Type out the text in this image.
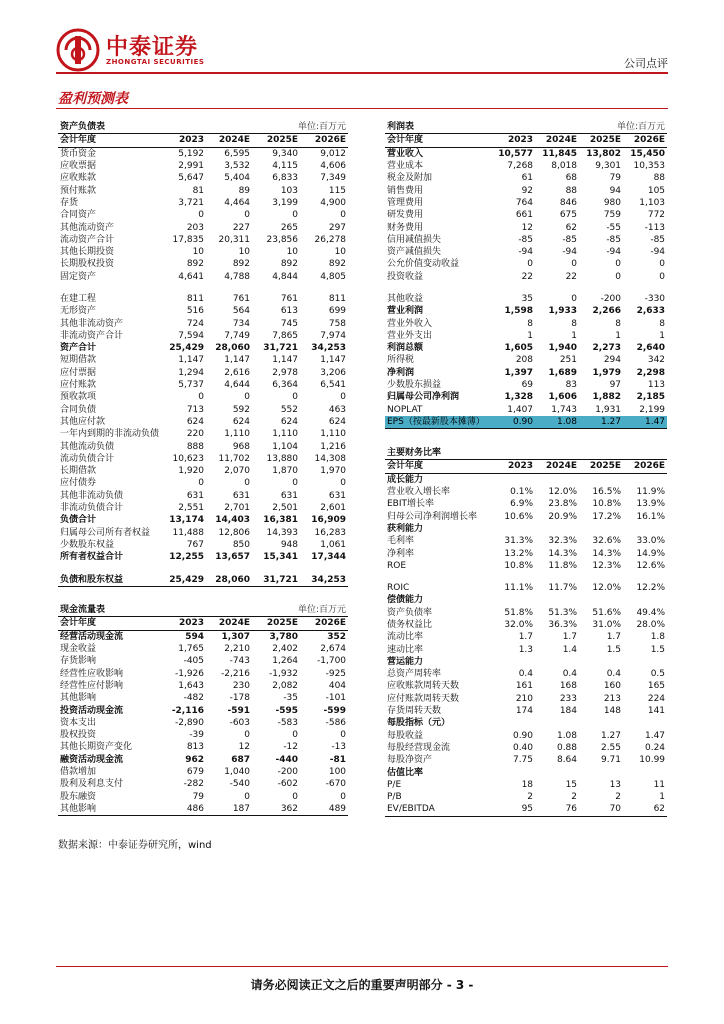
中泰证券
ZHONGTAI SECURITIES	公司点评
盈利预测表
资产负债表		单位:百万元		
会计年度	2023	2024E	2025E	2026E
货币资金	5,192	6,595	9,340	9,012
应收票据	2,991	3,532	4,115	4,606
应收账款	5,647	5,404	6,833	7,349
预付账款	81	89	103	115
存货	3,721	4,464	3,199	4,900
合同资产	0	0	0	0
其他流动资产	203	227	265	297
流动资产合计	17,835	20,311	23,856	26,278
其他长期投资	10	10	10	10
长期股权投资	892	892	892	892
固定资产	4,641	4,788	4,844	4,805

在建工程	811	761	761	811
无形资产	516	564	613	699
其他非流动资产	724	734	745	758
非流动资产合计	7,594	7,749	7,865	7,974
资产合计	25,429	28,060	31,721	34,253
短期借款	1,147	1,147	1,147	1,147
应付票据	1,294	2,616	2,978	3,206
应付账款	5,737	4,644	6,364	6,541
预收款项	0	0	0	0
合同负债	713	592	552	463
其他应付款	624	624	624	624
一年内到期的非流动负债	220	1,110	1,110	1,110
其他流动负债	888	968	1,104	1,216
流动负债合计	10,623	11,702	13,880	14,308
长期借款	1,920	2,070	1,870	1,970
应付债券	0	0	0	0
其他非流动负债	631	631	631	631
非流动负债合计	2,551	2,701	2,501	2,601
负债合计	13,174	14,403	16,381	16,909
归属母公司所有者权益	11,488	12,806	14,393	16,283
少数股东权益	767	850	948	1,061
所有者权益合计	12,255	13,657	15,341	17,344

负债和股东权益	25,429	28,060	31,721	34,253
利润表		单位:百万元		
会计年度	2023	2024E	2025E	2026E
营业收入	10,577	11,845	13,802	15,450
营业成本	7,268	8,018	9,301	10,353
税金及附加	61	68	79	88
销售费用	92	88	94	105
管理费用	764	846	980	1,103
研发费用	661	675	759	772
财务费用	12	62	-55	-113
信用减值损失	-85	-85	-85	-85
资产减值损失	-94	-94	-94	-94
公允价值变动收益	0	0	0	0
投资收益	22	22	0	0

其他收益	35	0	-200	-330
营业利润	1,598	1,933	2,266	2,633
营业外收入	8	8	8	8
营业外支出	1	1	1	1
利润总额	1,605	1,940	2,273	2,640
所得税	208	251	294	342
净利润	1,397	1,689	1,979	2,298
少数股东损益	69	83	97	113
归属母公司净利润	1,328	1,606	1,882	2,185
NOPLAT	1,407	1,743	1,931	2,199
EPS（按最新股本摊薄）	0.90	1.08	1.27	1.47
主要财务比率				
会计年度	2023	2024E	2025E	2026E
成长能力				
营业收入增长率	0.1%	12.0%	16.5%	11.9%
EBIT增长率	6.9%	23.8%	10.8%	13.9%
归母公司净利润增长率	10.6%	20.9%	17.2%	16.1%
获利能力				
毛利率	31.3%	32.3%	32.6%	33.0%
净利率	13.2%	14.3%	14.3%	14.9%
ROE	10.8%	11.8%	12.3%	12.6%

ROIC	11.1%	11.7%	12.0%	12.2%
偿债能力				
资产负债率	51.8%	51.3%	51.6%	49.4%
债务权益比	32.0%	36.3%	31.0%	28.0%
流动比率	1.7	1.7	1.7	1.8
速动比率	1.3	1.4	1.5	1.5
营运能力				
总资产周转率	0.4	0.4	0.4	0.5
应收账款周转天数	161	168	160	165
应付账款周转天数	210	233	213	224
存货周转天数	174	184	148	141
每股指标（元）				
每股收益	0.90	1.08	1.27	1.47
每股经营现金流	0.40	0.88	2.55	0.24
每股净资产	7.75	8.64	9.71	10.99
估值比率				
P/E	18	15	13	11
P/B	2	2	2	1
EV/EBITDA	95	76	70	62
现金流量表		单位:百万元		
会计年度	2023	2024E	2025E	2026E
经营活动现金流	594	1,307	3,780	352
现金收益	1,765	2,210	2,402	2,674
存货影响	-405	-743	1,264	-1,700
经营性应收影响	-1,926	-2,216	-1,932	-925
经营性应付影响	1,643	230	2,082	404
其他影响	-482	-178	-35	-101
投资活动现金流	-2,116	-591	-595	-599
资本支出	-2,890	-603	-583	-586
股权投资	-39	0	0	0
其他长期资产变化	813	12	-12	-13
融资活动现金流	962	687	-440	-81
借款增加	679	1,040	-200	100
股利及利息支付	-282	-540	-602	-670
股东融资	79	0	0	0
其他影响	486	187	362	489
数据来源：中泰证券研究所，wind
请务必阅读正文之后的重要声明部分 - 3 -
